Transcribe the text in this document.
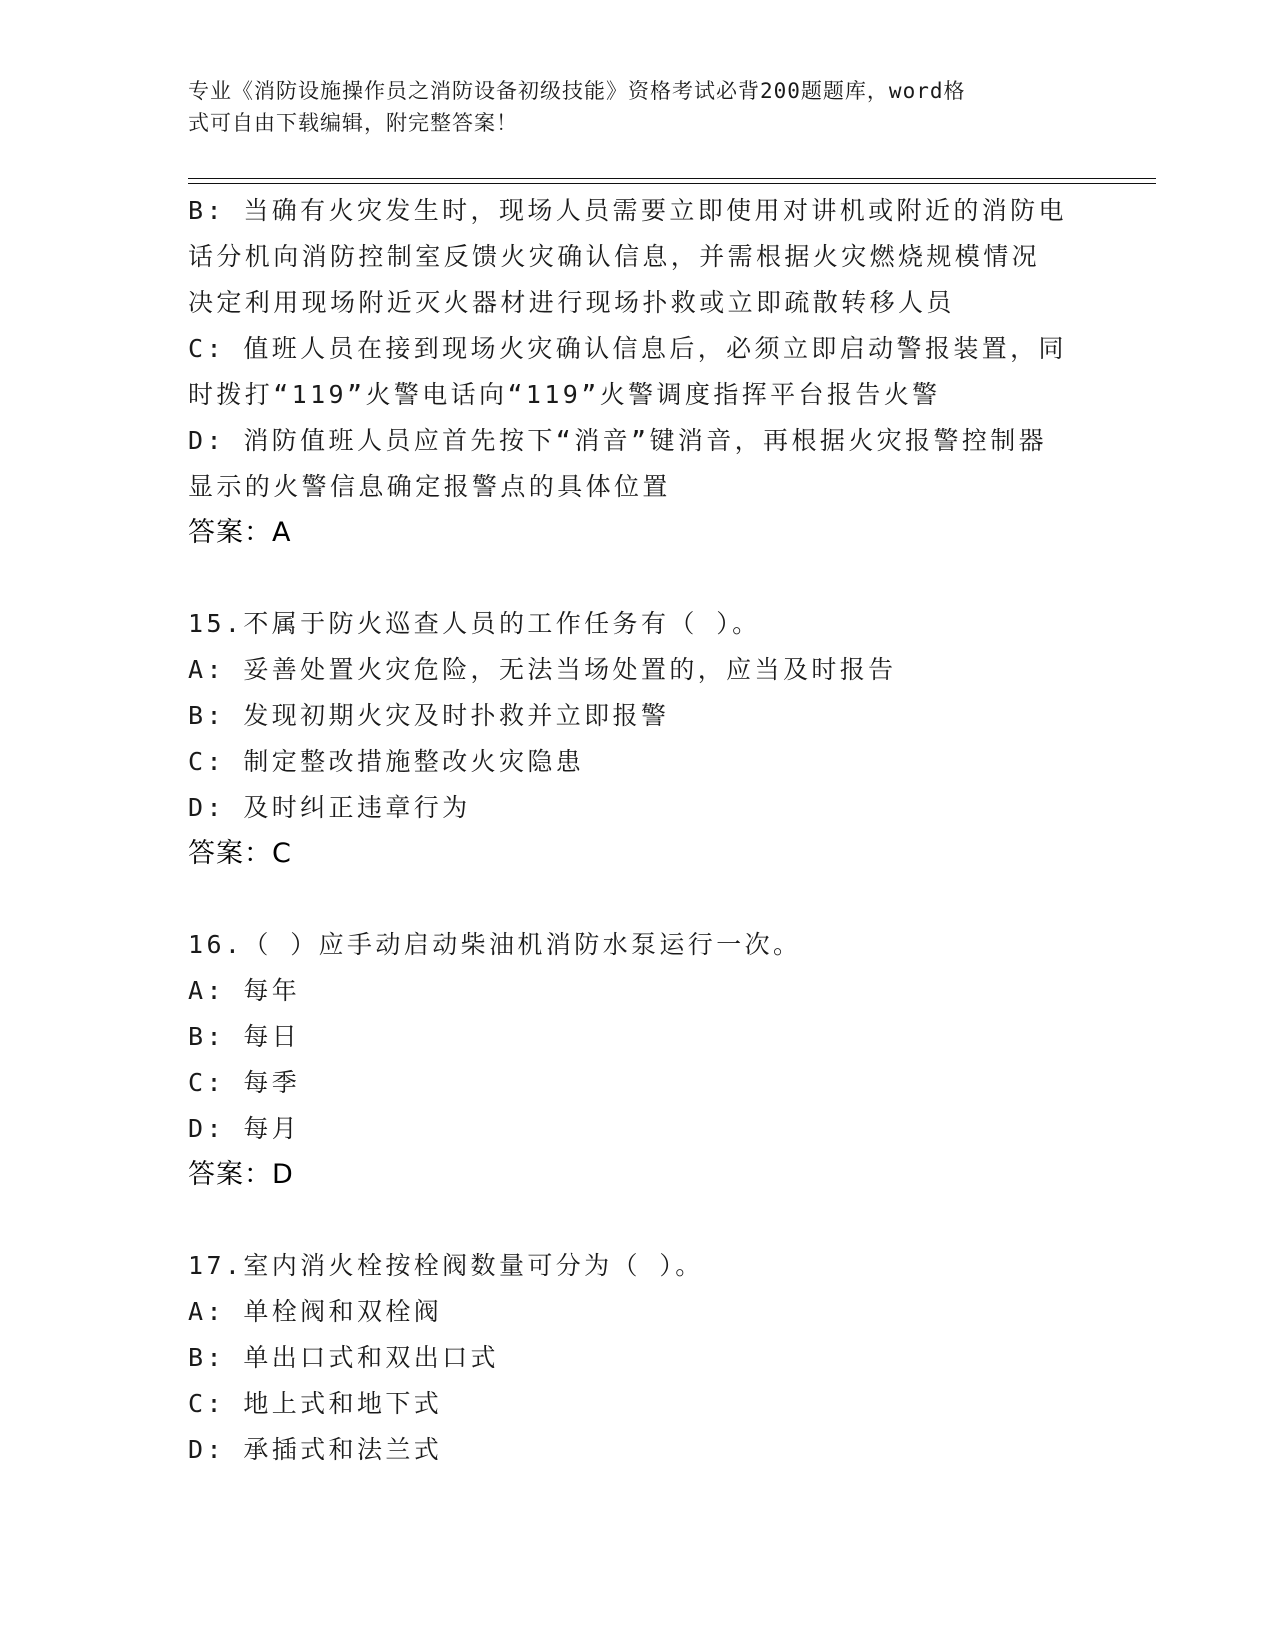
专业《消防设施操作员之消防设备初级技能》资格考试必背200题题库，word格
式可自由下载编辑，附完整答案！
B: 当确有火灾发生时，现场人员需要立即使用对讲机或附近的消防电
话分机向消防控制室反馈火灾确认信息，并需根据火灾燃烧规模情况
决定利用现场附近灭火器材进行现场扑救或立即疏散转移人员
C: 值班人员在接到现场火灾确认信息后，必须立即启动警报装置，同
时拨打“119”火警电话向“119”火警调度指挥平台报告火警
D: 消防值班人员应首先按下“消音”键消音，再根据火灾报警控制器
显示的火警信息确定报警点的具体位置
答案：A
15.不属于防火巡查人员的工作任务有（ ）。
A: 妥善处置火灾危险，无法当场处置的，应当及时报告
B: 发现初期火灾及时扑救并立即报警
C: 制定整改措施整改火灾隐患
D: 及时纠正违章行为
答案：C
16.（ ）应手动启动柴油机消防水泵运行一次。
A: 每年
B: 每日
C: 每季
D: 每月
答案：D
17.室内消火栓按栓阀数量可分为（ ）。
A: 单栓阀和双栓阀
B: 单出口式和双出口式
C: 地上式和地下式
D: 承插式和法兰式
